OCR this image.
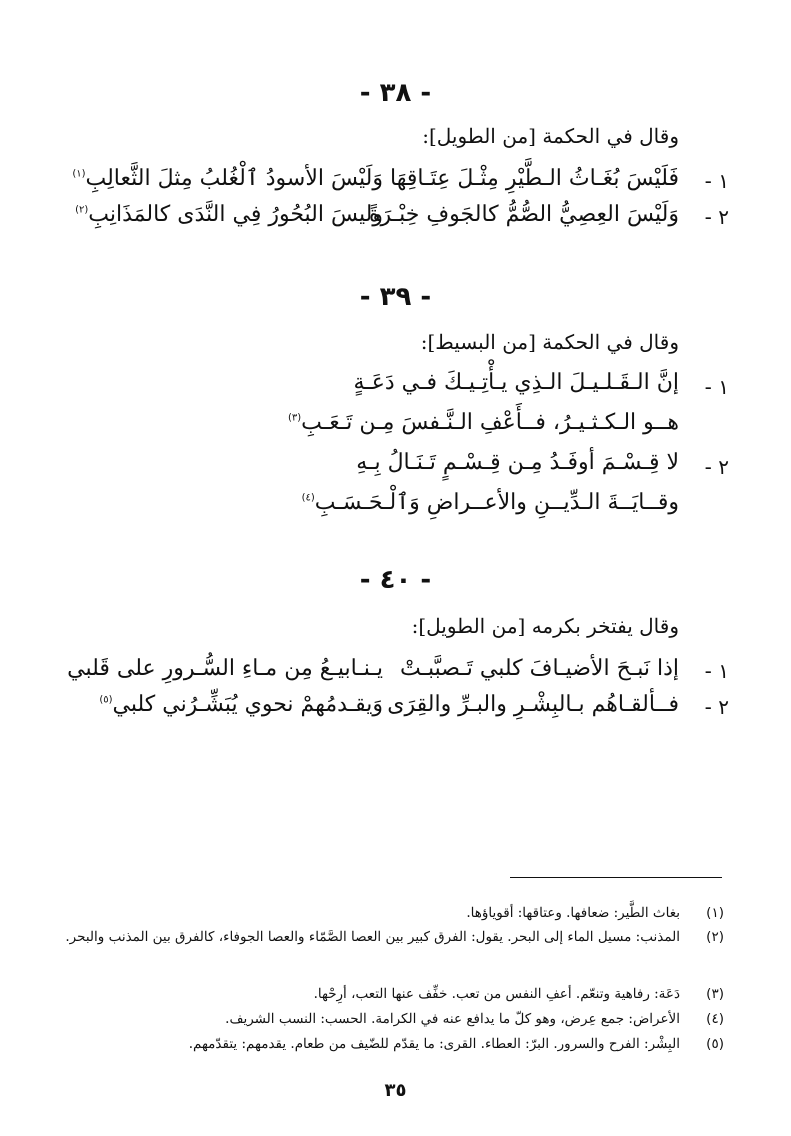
- ٣٨ -
وقال في الحكمة [من الطويل]:
١ -
فَلَيْسَ بُغَـاثُ الـطَّيْرِ مِثْـلَ عِتَـاقِهَا
وَلَيْسَ الأسودُ ٱلْغُلبُ مِثلَ الثَّعالِبِ$^{(١)}$
٢ -
وَلَيْسَ العِصِيُّ الصُّمُّ كالجَوفِ خِبْـرَةً
وليسَ البُحُورُ فِي النَّدَى كالمَذَانِبِ$^{(٢)}$
- ٣٩ -
وقال في الحكمة [من البسيط]:
١ -
إنَّ الـقَـلـيـلَ الـذِي يـأْتِـيـكَ فـي دَعَـةٍ
هــو الـكـثـيـرُ، فــأَعْفِ الـنَّـفسَ مِـن تَـعَـبِ$^{(٣)}$
٢ -
لا قِـسْـمَ أوفَـدُ مِـن قِـسْـمٍ تَـنَـالُ بِـهِ
وقــايَــةَ الـدِّيــنِ والأعــراضِ وَٱلْـحَـسَـبِ$^{(٤)}$
- ٤٠ -
وقال يفتخر بكرمه [من الطويل]:
١ -
إذا نَبـحَ الأضيـافَ كلبي تَـصبَّبـتْ
يـنـابيـعُ مِن مـاءِ السُّـرورِ على قَلبي
٢ -
فــألقـاهُم بـالبِشْـرِ والبـرِّ والقِرَى
وَيقـدمُهمْ نحوي يُبَشِّـرُني كلبي$^{(٥)}$
(١)
بغاث الطَّير: ضعافها. وعتاقها: أقوياؤها.
(٢)
المذنب: مسيل الماء إلى البحر. يقول: الفرق كبير بين العصا الصَّمّاء والعصا الجوفاء، كالفرق بين المذنب والبحر.
(٣)
دَعَة: رفاهية وتنعّم. أعفِ النفس من تعب. خفِّف عنها التعب، أرِحْها.
(٤)
الأعراض: جمع عِرض، وهو كلّ ما يدافع عنه في الكرامة. الحسب: النسب الشريف.
(٥)
البِشْر: الفرح والسرور. البرّ: العطاء. القرى: ما يقدّم للضّيف من طعام. يقدمهم: يتقدّمهم.
٣٥
